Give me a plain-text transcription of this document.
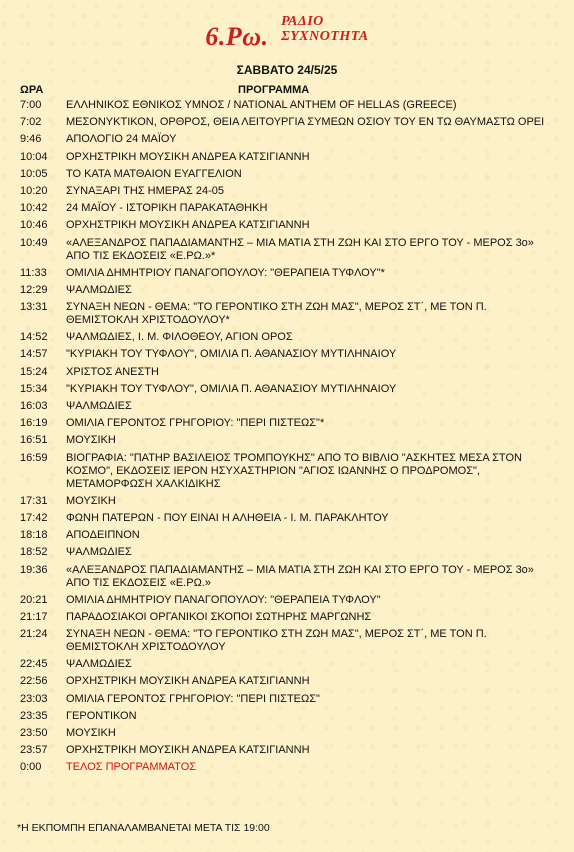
6.Ρω. ΡΑΔΙΟ
ΣΥΧΝΟΤΗΤΑ
ΣΑΒΒΑΤΟ 24/5/25
ΩΡΑ	ΠΡΟΓΡΑΜΜΑ
7:00	ΕΛΛΗΝΙΚΟΣ ΕΘΝΙΚΟΣ ΥΜΝΟΣ / NATIONAL ANTHEM OF HELLAS (GREECE)
7:02	ΜΕΣΟΝΥΚΤΙΚΟΝ, ΟΡΘΡΟΣ, ΘΕΙΑ ΛΕΙΤΟΥΡΓΙΑ ΣΥΜΕΩΝ ΟΣΙΟΥ ΤΟΥ ΕΝ ΤΩ ΘΑΥΜΑΣΤΩ ΟΡΕΙ
9:46	ΑΠΟΛΟΓΙΟ 24 ΜΑΪΟΥ
10:04	ΟΡΧΗΣΤΡΙΚΗ ΜΟΥΣΙΚΗ ΑΝΔΡΕΑ ΚΑΤΣΙΓΙΑΝΝΗ
10:05	ΤΟ ΚΑΤΑ ΜΑΤΘΑΙΟΝ ΕΥΑΓΓΕΛΙΟΝ
10:20	ΣΥΝΑΞΑΡΙ ΤΗΣ ΗΜΕΡΑΣ 24-05
10:42	24 ΜΑΪΟΥ - ΙΣΤΟΡΙΚΗ ΠΑΡΑΚΑΤΑΘΗΚΗ
10:46	ΟΡΧΗΣΤΡΙΚΗ ΜΟΥΣΙΚΗ ΑΝΔΡΕΑ ΚΑΤΣΙΓΙΑΝΝΗ
10:49	«ΑΛΕΞΑΝΔΡΟΣ ΠΑΠΑΔΙΑΜΑΝΤΗΣ – ΜΙΑ ΜΑΤΙΑ ΣΤΗ ΖΩΗ ΚΑΙ ΣΤΟ ΕΡΓΟ ΤΟΥ - ΜΕΡΟΣ 3ο» ΑΠΟ ΤΙΣ ΕΚΔΟΣΕΙΣ «Ε.ΡΩ.»*
11:33	ΟΜΙΛΙΑ ΔΗΜΗΤΡΙΟΥ ΠΑΝΑΓΟΠΟΥΛΟΥ: "ΘΕΡΑΠΕΙΑ ΤΥΦΛΟΥ"*
12:29	ΨΑΛΜΩΔΙΕΣ
13:31	ΣΥΝΑΞΗ ΝΕΩΝ - ΘΕΜΑ: "ΤΟ ΓΕΡΟΝΤΙΚΟ ΣΤΗ ΖΩΗ ΜΑΣ", ΜΕΡΟΣ ΣΤ΄, ΜΕ ΤΟΝ Π. ΘΕΜΙΣΤΟΚΛΗ ΧΡΙΣΤΟΔΟΥΛΟΥ*
14:52	ΨΑΛΜΩΔΙΕΣ, Ι. Μ. ΦΙΛΟΘΕΟΥ, ΑΓΙΟΝ ΟΡΟΣ
14:57	"ΚΥΡΙΑΚΗ ΤΟΥ ΤΥΦΛΟΥ", ΟΜΙΛΙΑ Π. ΑΘΑΝΑΣΙΟΥ ΜΥΤΙΛΗΝΑΙΟΥ
15:24	ΧΡΙΣΤΟΣ ΑΝΕΣΤΗ
15:34	"ΚΥΡΙΑΚΗ ΤΟΥ ΤΥΦΛΟΥ", ΟΜΙΛΙΑ Π. ΑΘΑΝΑΣΙΟΥ ΜΥΤΙΛΗΝΑΙΟΥ
16:03	ΨΑΛΜΩΔΙΕΣ
16:19	ΟΜΙΛΙΑ ΓΕΡΟΝΤΟΣ ΓΡΗΓΟΡΙΟΥ: "ΠΕΡΙ ΠΙΣΤΕΩΣ"*
16:51	ΜΟΥΣΙΚΗ
16:59	ΒΙΟΓΡΑΦΙΑ: "ΠΑΤΗΡ ΒΑΣΙΛΕΙΟΣ ΤΡΟΜΠΟΥΚΗΣ" ΑΠΟ ΤΟ ΒΙΒΛΙΟ "ΑΣΚΗΤΕΣ ΜΕΣΑ ΣΤΟΝ ΚΟΣΜΟ", ΕΚΔΟΣΕΙΣ ΙΕΡΟΝ ΗΣΥΧΑΣΤΗΡΙΟΝ "ΑΓΙΟΣ ΙΩΑΝΝΗΣ Ο ΠΡΟΔΡΟΜΟΣ", ΜΕΤΑΜΟΡΦΩΣΗ ΧΑΛΚΙΔΙΚΗΣ
17:31	ΜΟΥΣΙΚΗ
17:42	ΦΩΝΗ ΠΑΤΕΡΩΝ - ΠΟΥ ΕΙΝΑΙ Η ΑΛΗΘΕΙΑ - Ι. Μ. ΠΑΡΑΚΛΗΤΟΥ
18:18	ΑΠΟΔΕΙΠΝΟΝ
18:52	ΨΑΛΜΩΔΙΕΣ
19:36	«ΑΛΕΞΑΝΔΡΟΣ ΠΑΠΑΔΙΑΜΑΝΤΗΣ – ΜΙΑ ΜΑΤΙΑ ΣΤΗ ΖΩΗ ΚΑΙ ΣΤΟ ΕΡΓΟ ΤΟΥ - ΜΕΡΟΣ 3ο» ΑΠΟ ΤΙΣ ΕΚΔΟΣΕΙΣ «Ε.ΡΩ.»
20:21	ΟΜΙΛΙΑ ΔΗΜΗΤΡΙΟΥ ΠΑΝΑΓΟΠΟΥΛΟΥ: "ΘΕΡΑΠΕΙΑ ΤΥΦΛΟΥ"
21:17	ΠΑΡΑΔΟΣΙΑΚΟΙ ΟΡΓΑΝΙΚΟΙ ΣΚΟΠΟΙ ΣΩΤΗΡΗΣ ΜΑΡΓΩΝΗΣ
21:24	ΣΥΝΑΞΗ ΝΕΩΝ - ΘΕΜΑ: "ΤΟ ΓΕΡΟΝΤΙΚΟ ΣΤΗ ΖΩΗ ΜΑΣ", ΜΕΡΟΣ ΣΤ΄, ΜΕ ΤΟΝ Π. ΘΕΜΙΣΤΟΚΛΗ ΧΡΙΣΤΟΔΟΥΛΟΥ
22:45	ΨΑΛΜΩΔΙΕΣ
22:56	ΟΡΧΗΣΤΡΙΚΗ ΜΟΥΣΙΚΗ ΑΝΔΡΕΑ ΚΑΤΣΙΓΙΑΝΝΗ
23:03	ΟΜΙΛΙΑ ΓΕΡΟΝΤΟΣ ΓΡΗΓΟΡΙΟΥ: "ΠΕΡΙ ΠΙΣΤΕΩΣ"
23:35	ΓΕΡΟΝΤΙΚΟΝ
23:50	ΜΟΥΣΙΚΗ
23:57	ΟΡΧΗΣΤΡΙΚΗ ΜΟΥΣΙΚΗ ΑΝΔΡΕΑ ΚΑΤΣΙΓΙΑΝΝΗ
0:00	ΤΕΛΟΣ ΠΡΟΓΡΑΜΜΑΤΟΣ
*Η ΕΚΠΟΜΠΗ ΕΠΑΝΑΛΑΜΒΑΝΕΤΑΙ ΜΕΤΑ ΤΙΣ 19:00
